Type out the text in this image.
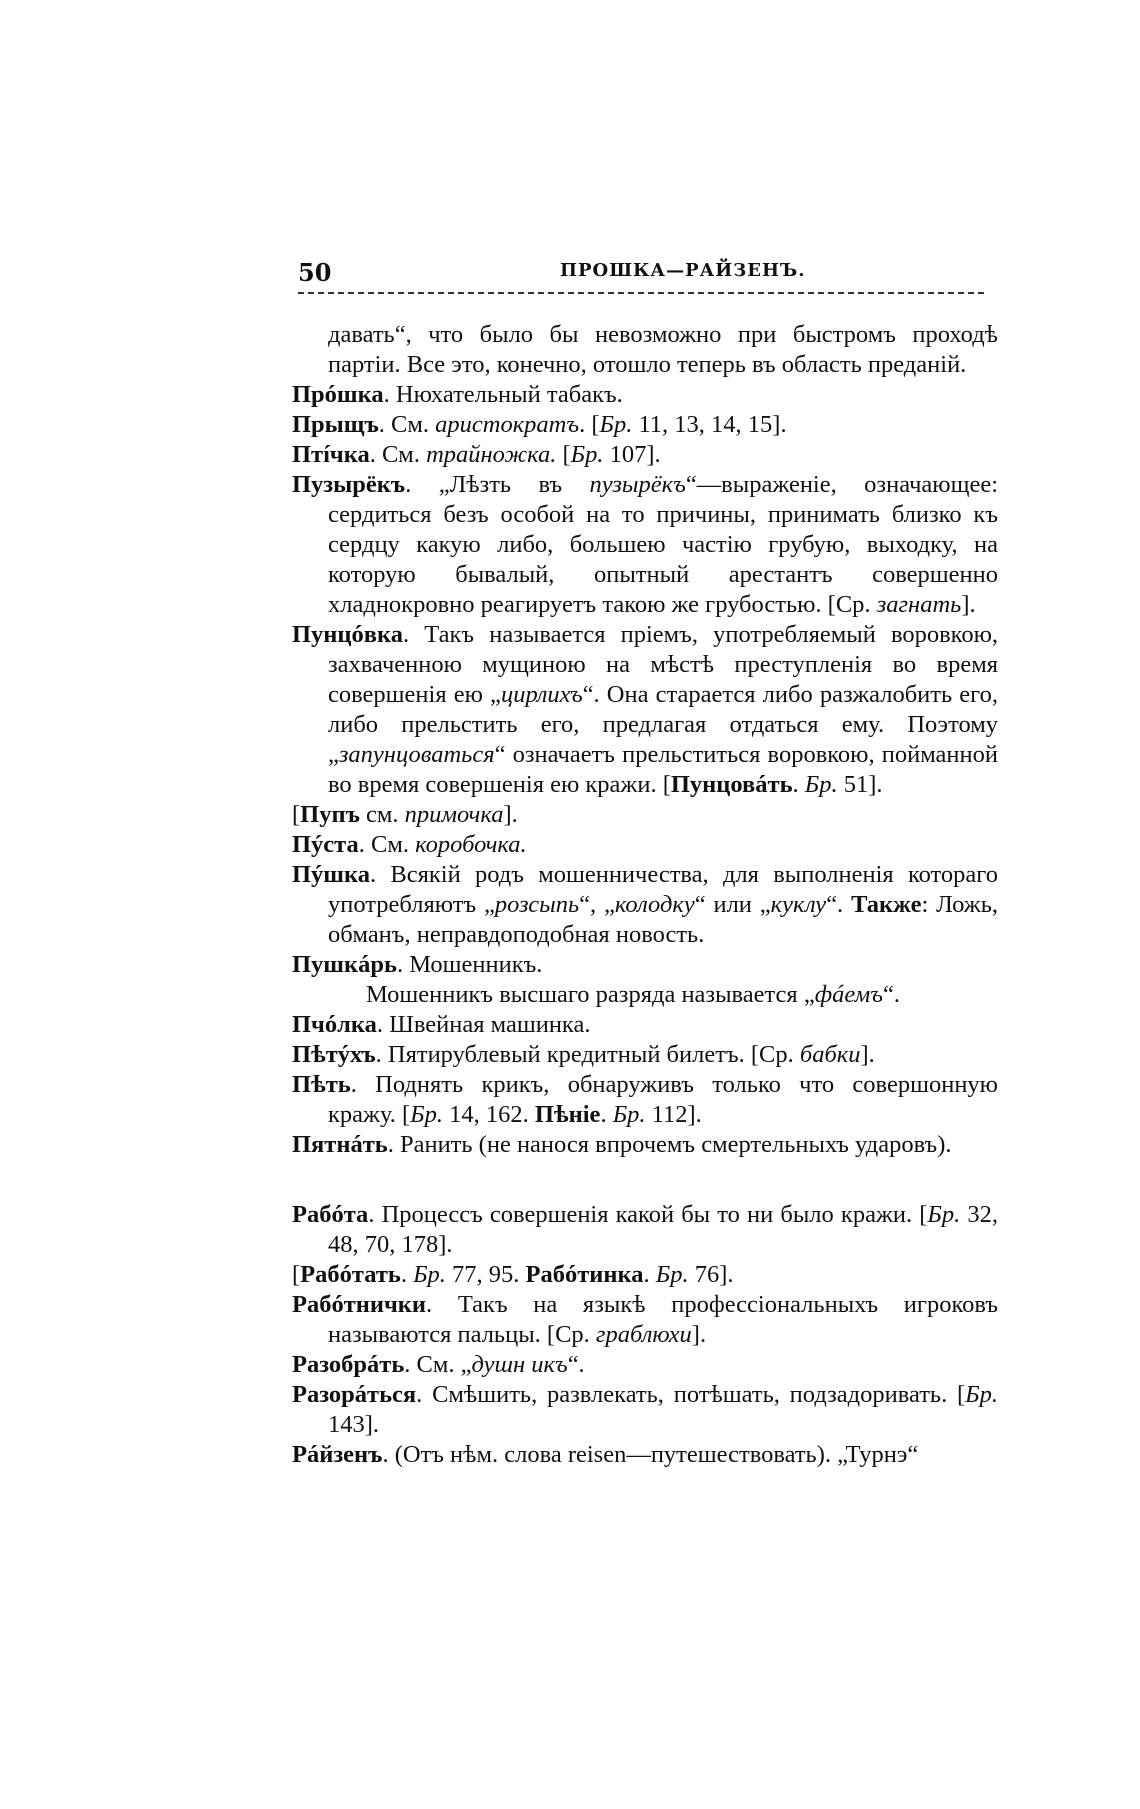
50	ПРОШКА—РАЙЗЕНЪ.

давать“, что было бы невозможно при быстромъ проходѣ партіи. Все это, конечно, отошло теперь въ область преданій.

Прóшка. Нюхательный табакъ.

Прыщъ. См. аристократъ. [Бр. 11, 13, 14, 15].

Птíчка. См. трайножка. [Бр. 107].

Пузырёкъ. „Лѣзть въ пузырёкъ“—выраженіе, означающее: сердиться безъ особой на то причины, принимать близко къ сердцу какую либо, большею частію грубую, выходку, на которую бывалый, опытный арестантъ совершенно хладнокровно реагируетъ такою же грубостью. [Ср. загнать].

Пунцóвка. Такъ называется пріемъ, употребляемый воровкою, захваченною мущиною на мѣстѣ преступленія во время совершенія ею „цирлихъ“. Она старается либо разжалобить его, либо прельстить его, предлагая отдаться ему. Поэтому „запунцоваться“ означаетъ прельститься воровкою, пойманной во время совершенія ею кражи. [Пунцовáть. Бр. 51].

[Пупъ см. примочка].

Пýста. См. коробочка.

Пýшка. Всякій родъ мошенничества, для выполненія котораго употребляютъ „розсыпь“, „колодку“ или „куклу“. Также: Ложь, обманъ, неправдоподобная новость.

Пушкáрь. Мошенникъ.

Мошенникъ высшаго разряда называется „фáемъ“.

Пчóлка. Швейная машинка.

Пѣтýхъ. Пятирублевый кредитный билетъ. [Ср. бабки].

Пѣть. Поднять крикъ, обнаруживъ только что совершонную кражу. [Бр. 14, 162. Пѣніе. Бр. 112].

Пятнáть. Ранить (не нанося впрочемъ смертельныхъ ударовъ).

Рабóта. Процессъ совершенія какой бы то ни было кражи. [Бр. 32, 48, 70, 178].

[Рабóтать. Бр. 77, 95. Рабóтинка. Бр. 76].

Рабóтнички. Такъ на языкѣ профессіональныхъ игроковъ называются пальцы. [Ср. граблюхи].

Разобрáть. См. „душн икъ“.

Разорáться. Смѣшить, развлекать, потѣшать, подзадоривать. [Бр. 143].

Рáйзенъ. (Отъ нѣм. слова reisen—путешествовать). „Турнэ“
